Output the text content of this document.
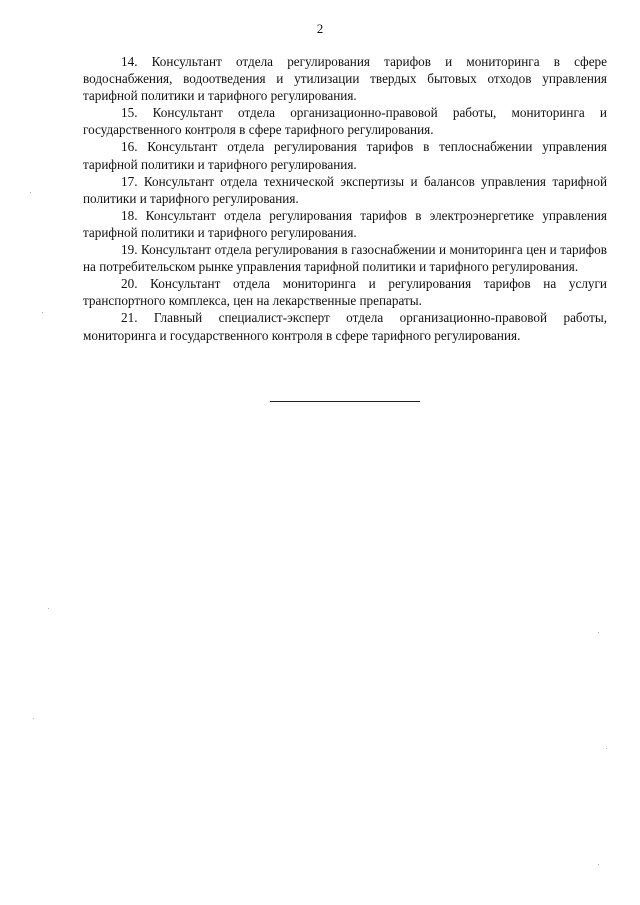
2

14. Консультант отдела регулирования тарифов и мониторинга в сфере водоснабжения, водоотведения и утилизации твердых бытовых отходов управления тарифной политики и тарифного регулирования.

15. Консультант отдела организационно-правовой работы, мониторинга и государственного контроля в сфере тарифного регулирования.

16. Консультант отдела регулирования тарифов в теплоснабжении управления тарифной политики и тарифного регулирования.

17. Консультант отдела технической экспертизы и балансов управления тарифной политики и тарифного регулирования.

18. Консультант отдела регулирования тарифов в электроэнергетике управления тарифной политики и тарифного регулирования.

19. Консультант отдела регулирования в газоснабжении и мониторинга цен и тарифов на потребительском рынке управления тарифной политики и тарифного регулирования.

20. Консультант отдела мониторинга и регулирования тарифов на услуги транспортного комплекса, цен на лекарственные препараты.

21. Главный специалист-эксперт отдела организационно-правовой работы, мониторинга и государственного контроля в сфере тарифного регулирования.
